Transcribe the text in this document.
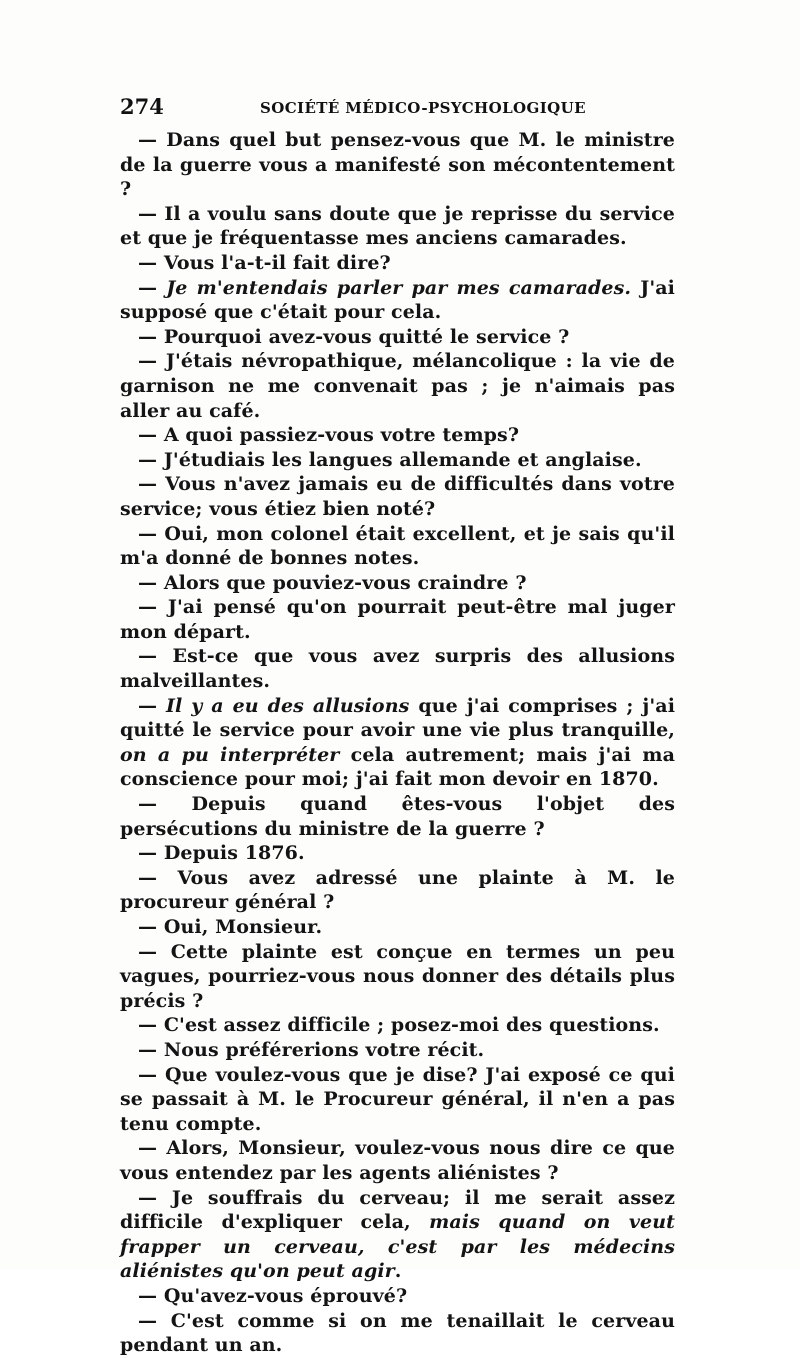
274	SOCIÉTÉ MÉDICO-PSYCHOLOGIQUE

— Dans quel but pensez-vous que M. le ministre de la guerre vous a manifesté son mécontentement ?

— Il a voulu sans doute que je reprisse du service et que je fréquentasse mes anciens camarades.

— Vous l'a-t-il fait dire?

— Je m'entendais parler par mes camarades. J'ai supposé que c'était pour cela.

— Pourquoi avez-vous quitté le service ?

— J'étais névropathique, mélancolique : la vie de garnison ne me convenait pas ; je n'aimais pas aller au café.

— A quoi passiez-vous votre temps?

— J'étudiais les langues allemande et anglaise.

— Vous n'avez jamais eu de difficultés dans votre service; vous étiez bien noté?

— Oui, mon colonel était excellent, et je sais qu'il m'a donné de bonnes notes.

— Alors que pouviez-vous craindre ?

— J'ai pensé qu'on pourrait peut-être mal juger mon départ.

— Est-ce que vous avez surpris des allusions malveillantes.

— Il y a eu des allusions que j'ai comprises ; j'ai quitté le service pour avoir une vie plus tranquille, on a pu interpréter cela autrement; mais j'ai ma conscience pour moi; j'ai fait mon devoir en 1870.

— Depuis quand êtes-vous l'objet des persécutions du ministre de la guerre ?

— Depuis 1876.

— Vous avez adressé une plainte à M. le procureur général ?

— Oui, Monsieur.

— Cette plainte est conçue en termes un peu vagues, pourriez-vous nous donner des détails plus précis ?

— C'est assez difficile ; posez-moi des questions.

— Nous préférerions votre récit.

— Que voulez-vous que je dise? J'ai exposé ce qui se passait à M. le Procureur général, il n'en a pas tenu compte.

— Alors, Monsieur, voulez-vous nous dire ce que vous entendez par les agents aliénistes ?

— Je souffrais du cerveau; il me serait assez difficile d'expliquer cela, mais quand on veut frapper un cerveau, c'est par les médecins aliénistes qu'on peut agir.

— Qu'avez-vous éprouvé?

— C'est comme si on me tenaillait le cerveau pendant un an.
